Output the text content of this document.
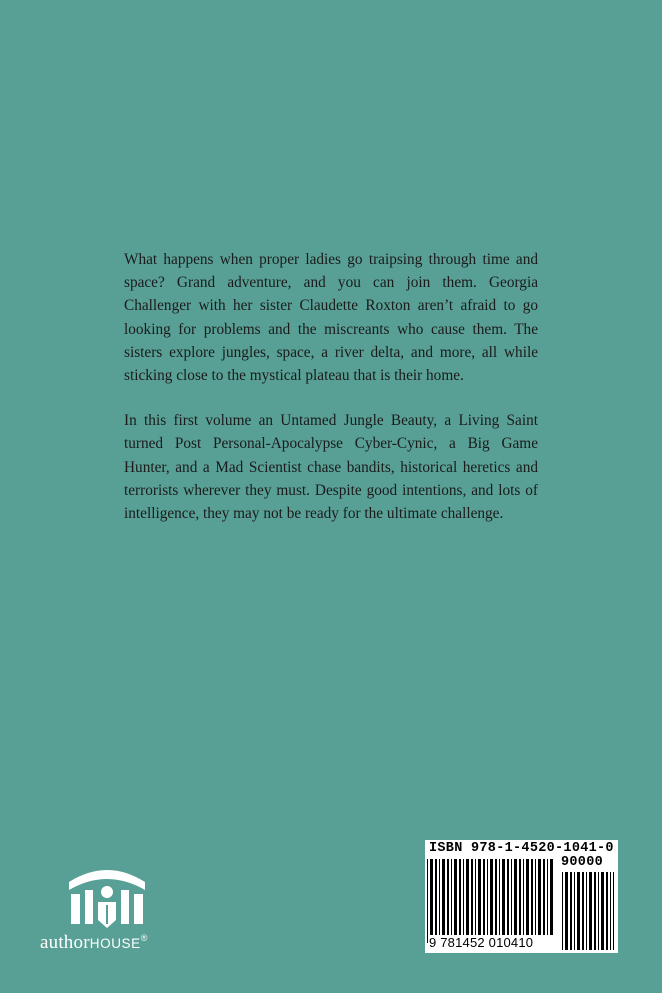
What happens when proper ladies go traipsing through time and space? Grand adventure, and you can join them. Georgia Challenger with her sister Claudette Roxton aren’t afraid to go looking for problems and the miscreants who cause them. The sisters explore jungles, space, a river delta, and more, all while sticking close to the mystical plateau that is their home.

In this first volume an Untamed Jungle Beauty, a Living Saint turned Post Personal-Apocalypse Cyber-Cynic, a Big Game Hunter, and a Mad Scientist chase bandits, historical heretics and terrorists wherever they must. Despite good intentions, and lots of intelligence, they may not be ready for the ultimate challenge.

authorHOUSE®
ISBN 978-1-4520-1041-0
90000
9 781452 010410
